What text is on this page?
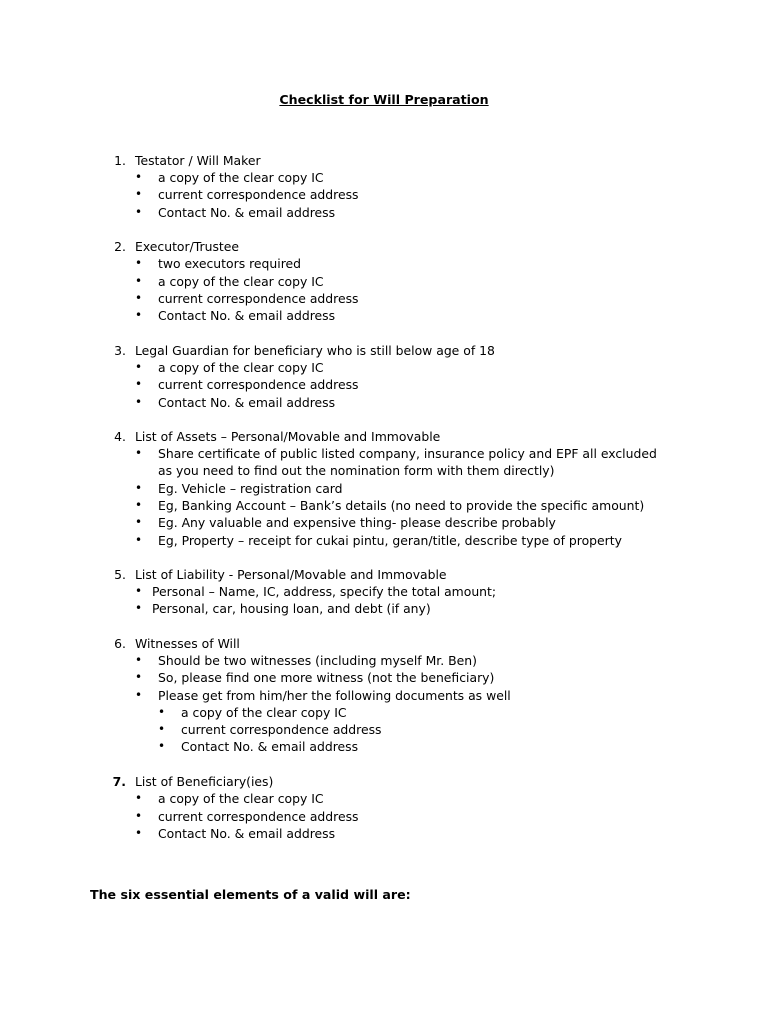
Checklist for Will Preparation
1. Testator / Will Maker
• a copy of the clear copy IC
• current correspondence address
• Contact No. & email address
2. Executor/Trustee
• two executors required
• a copy of the clear copy IC
• current correspondence address
• Contact No. & email address
3. Legal Guardian for beneficiary who is still below age of 18
• a copy of the clear copy IC
• current correspondence address
• Contact No. & email address
4. List of Assets – Personal/Movable and Immovable
• Share certificate of public listed company, insurance policy and EPF all excluded
as you need to find out the nomination form with them directly)
• Eg. Vehicle – registration card
• Eg, Banking Account – Bank’s details (no need to provide the specific amount)
• Eg. Any valuable and expensive thing- please describe probably
• Eg, Property – receipt for cukai pintu, geran/title, describe type of property
5. List of Liability - Personal/Movable and Immovable
• Personal – Name, IC, address, specify the total amount;
• Personal, car, housing loan, and debt (if any)
6. Witnesses of Will
• Should be two witnesses (including myself Mr. Ben)
• So, please find one more witness (not the beneficiary)
• Please get from him/her the following documents as well
• a copy of the clear copy IC
• current correspondence address
• Contact No. & email address
7. List of Beneficiary(ies)
• a copy of the clear copy IC
• current correspondence address
• Contact No. & email address
The six essential elements of a valid will are:
